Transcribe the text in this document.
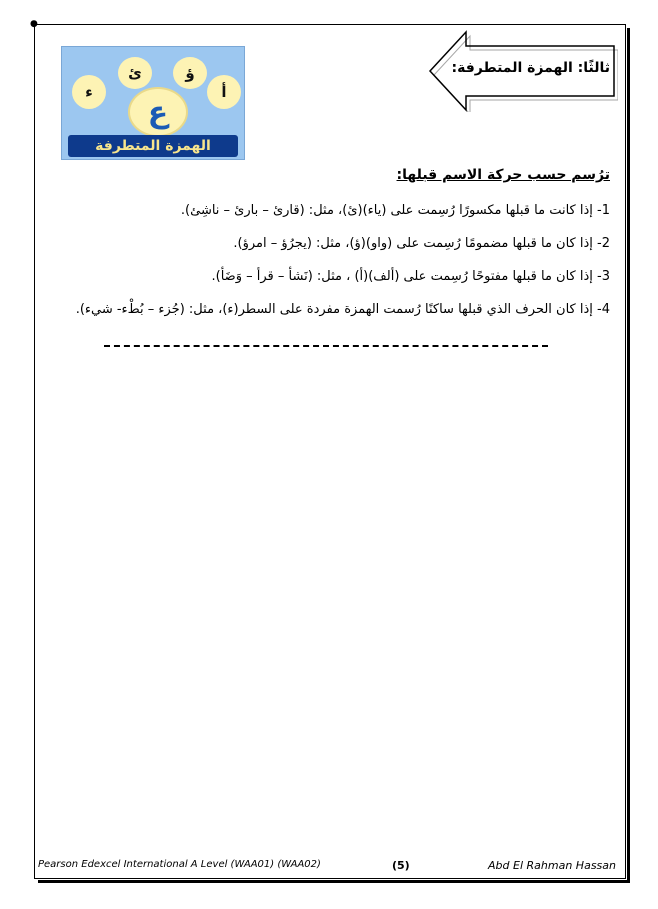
●
أ
ؤ
ئ
ء
ع
الهمزة المتطرفة
ثالثًا: الهمزة المتطرفة:
ترُسم حسب حركة الاسم قبلها:
1- إذا كانت ما قبلها مكسورًا رُسِمت على (ياء)(ئ)، مثل: (قارئ – بارئ – ناشِئ).
2- إذا كان ما قبلها مضمومًا رُسِمت على (واو)(ؤ)، مثل: (يجرُؤ – امرؤ).
3- إذا كان ما قبلها مفتوحًا رُسِمت على (ألف)(أ) ، مثل: (نَشأ – قرأ – وَضَأ).
4- إذا كان الحرف الذي قبلها ساكنًا رُسمت الهمزة مفردة على السطر(ء)، مثل: (جُزء – بُطْء- شيء).
Pearson Edexcel International A Level (WAA01) (WAA02)	(5)	Abd El Rahman Hassan
